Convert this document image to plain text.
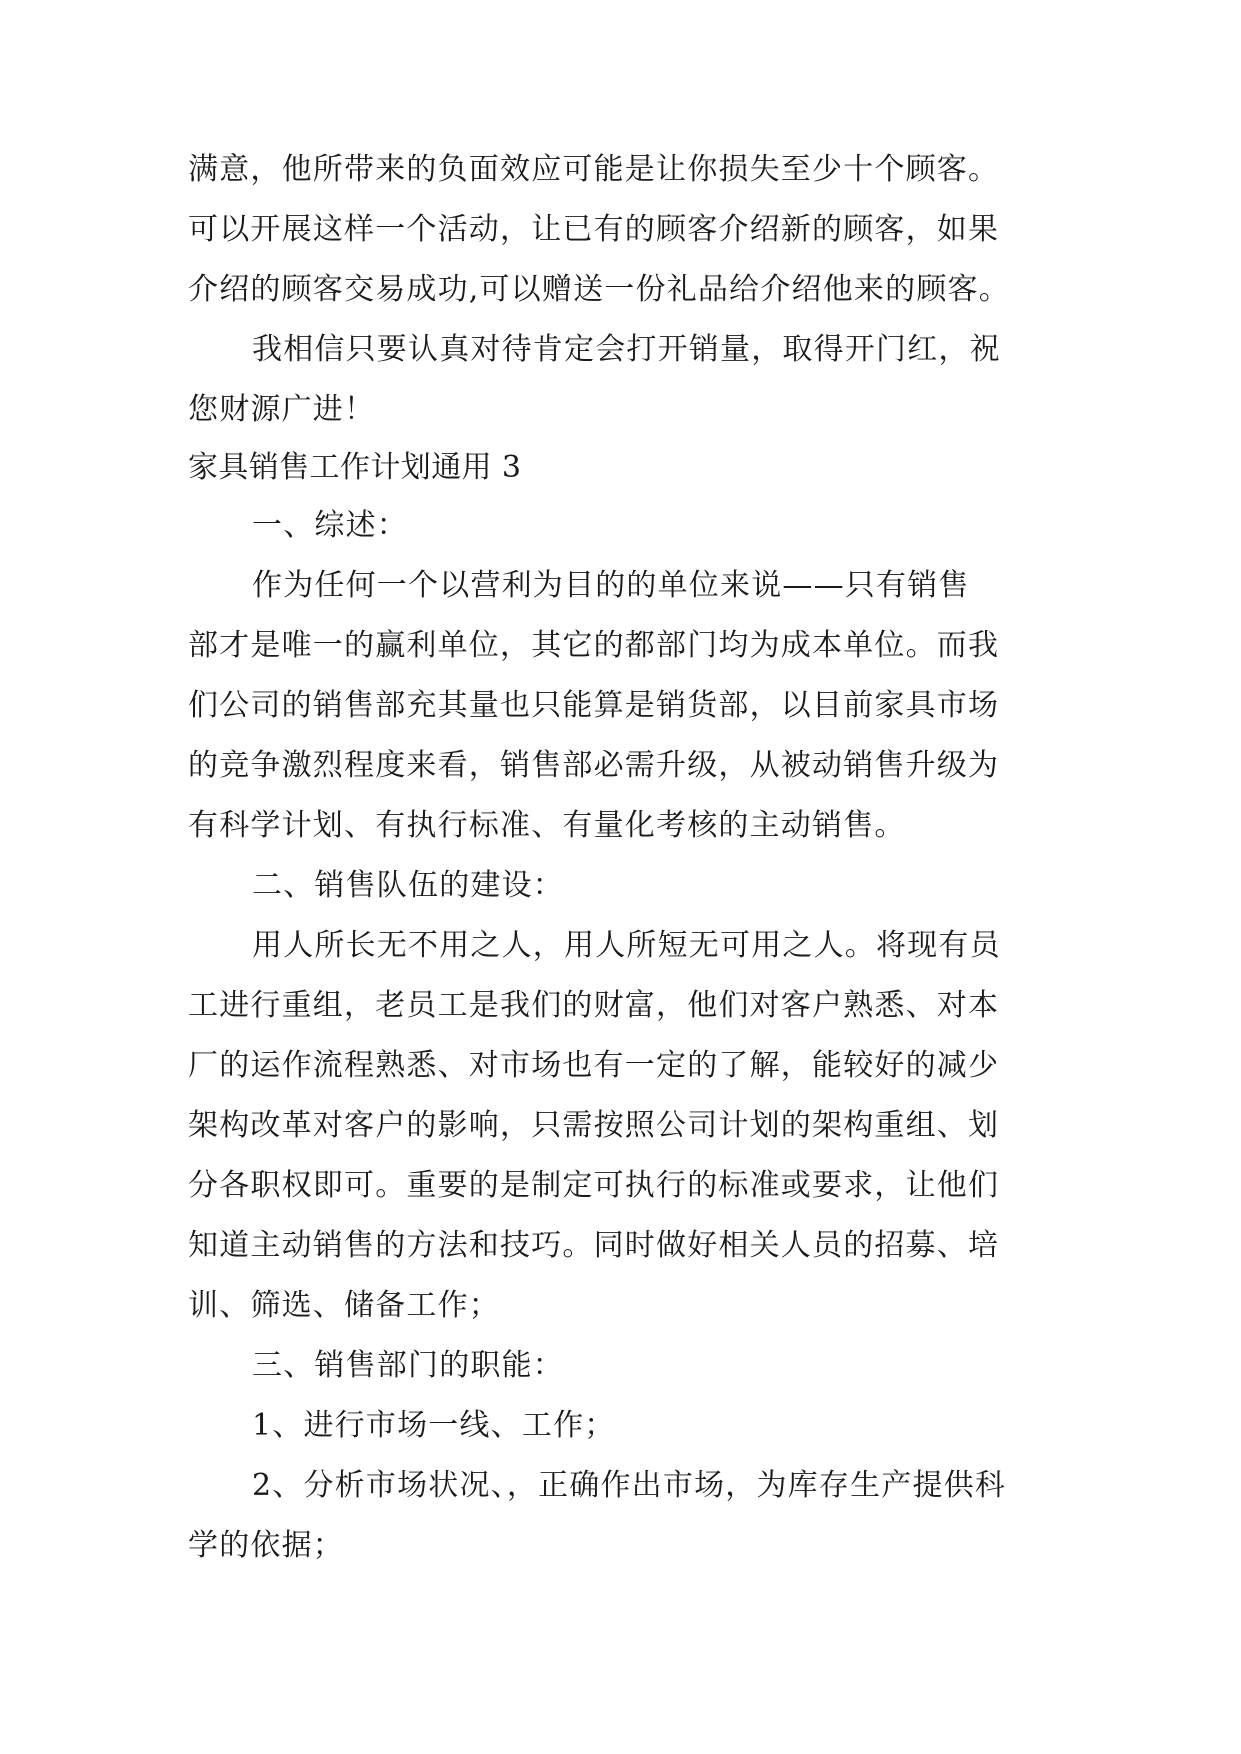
满意，他所带来的负面效应可能是让你损失至少十个顾客。

可以开展这样一个活动，让已有的顾客介绍新的顾客，如果

介绍的顾客交易成功,可以赠送一份礼品给介绍他来的顾客。

我相信只要认真对待肯定会打开销量，取得开门红，祝

您财源广进！

家具销售工作计划通用 3

一、综述：

作为任何一个以营利为目的的单位来说——只有销售

部才是唯一的赢利单位，其它的都部门均为成本单位。而我

们公司的销售部充其量也只能算是销货部，以目前家具市场

的竞争激烈程度来看，销售部必需升级，从被动销售升级为

有科学计划、有执行标准、有量化考核的主动销售。

二、销售队伍的建设：

用人所长无不用之人，用人所短无可用之人。将现有员

工进行重组，老员工是我们的财富，他们对客户熟悉、对本

厂的运作流程熟悉、对市场也有一定的了解，能较好的减少

架构改革对客户的影响，只需按照公司计划的架构重组、划

分各职权即可。重要的是制定可执行的标准或要求，让他们

知道主动销售的方法和技巧。同时做好相关人员的招募、培

训、筛选、储备工作；

三、销售部门的职能：

1、进行市场一线、工作；

2、分析市场状况、，正确作出市场，为库存生产提供科

学的依据；
